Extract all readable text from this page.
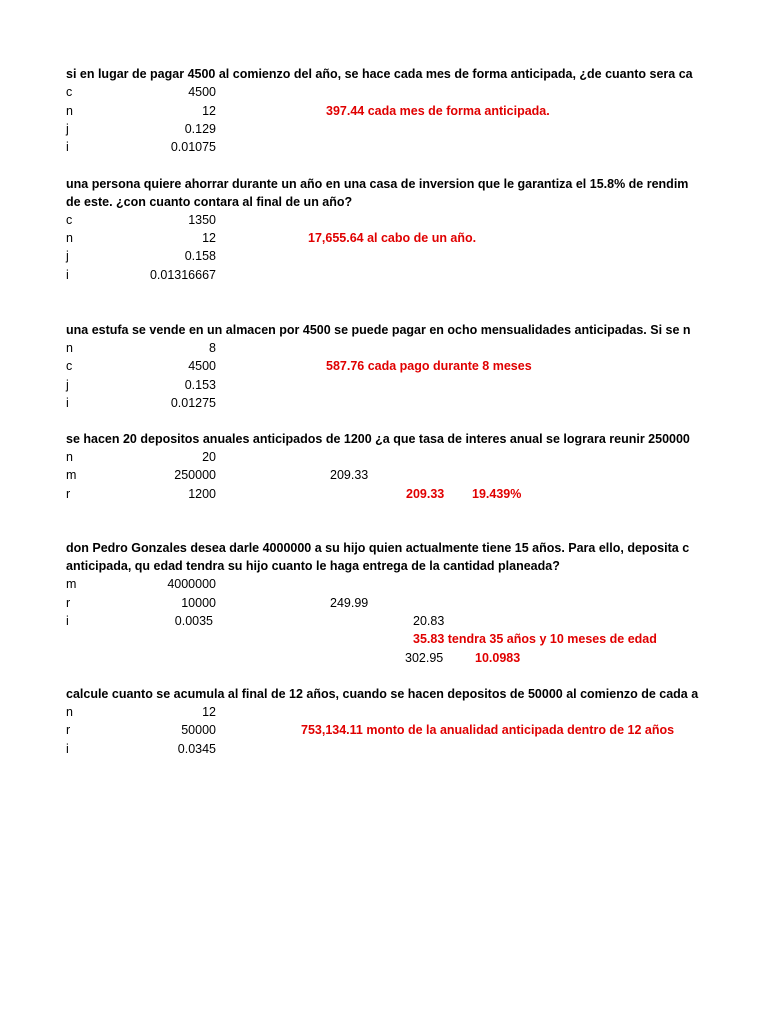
si en lugar de pagar 4500 al comienzo del año, se hace cada mes de forma anticipada, ¿de cuanto sera ca
c	4500
n	12	397.44 cada mes de forma anticipada.
j	0.129
i	0.01075
una persona quiere ahorrar durante un año en una casa de inversion que le garantiza el 15.8% de rendim
de este. ¿con cuanto contara al final de un año?
c	1350
n	12	17,655.64 al cabo de un año.
j	0.158
i	0.01316667
una estufa se vende en un almacen por 4500 se puede pagar en ocho mensualidades anticipadas. Si se n
n	8
c	4500	587.76 cada pago durante 8 meses
j	0.153
i	0.01275
se hacen 20 depositos anuales anticipados de 1200 ¿a que tasa de interes anual se lograra reunir 250000
n	20
m	250000	209.33
r	1200	209.33 19.439%
don Pedro Gonzales desea darle 4000000 a su hijo quien actualmente tiene 15 años. Para ello, deposita c
anticipada, qu edad tendra su hijo cuanto le haga entrega de la cantidad planeada?
m	4000000
r	10000	249.99
i	0.0035	20.83
35.83 tendra 35 años y 10 meses de edad
302.95	10.0983
calcule cuanto se acumula al final de 12 años, cuando se hacen depositos de 50000 al comienzo de cada a
n	12
r	50000	753,134.11 monto de la anualidad anticipada dentro de 12 años
i	0.0345
